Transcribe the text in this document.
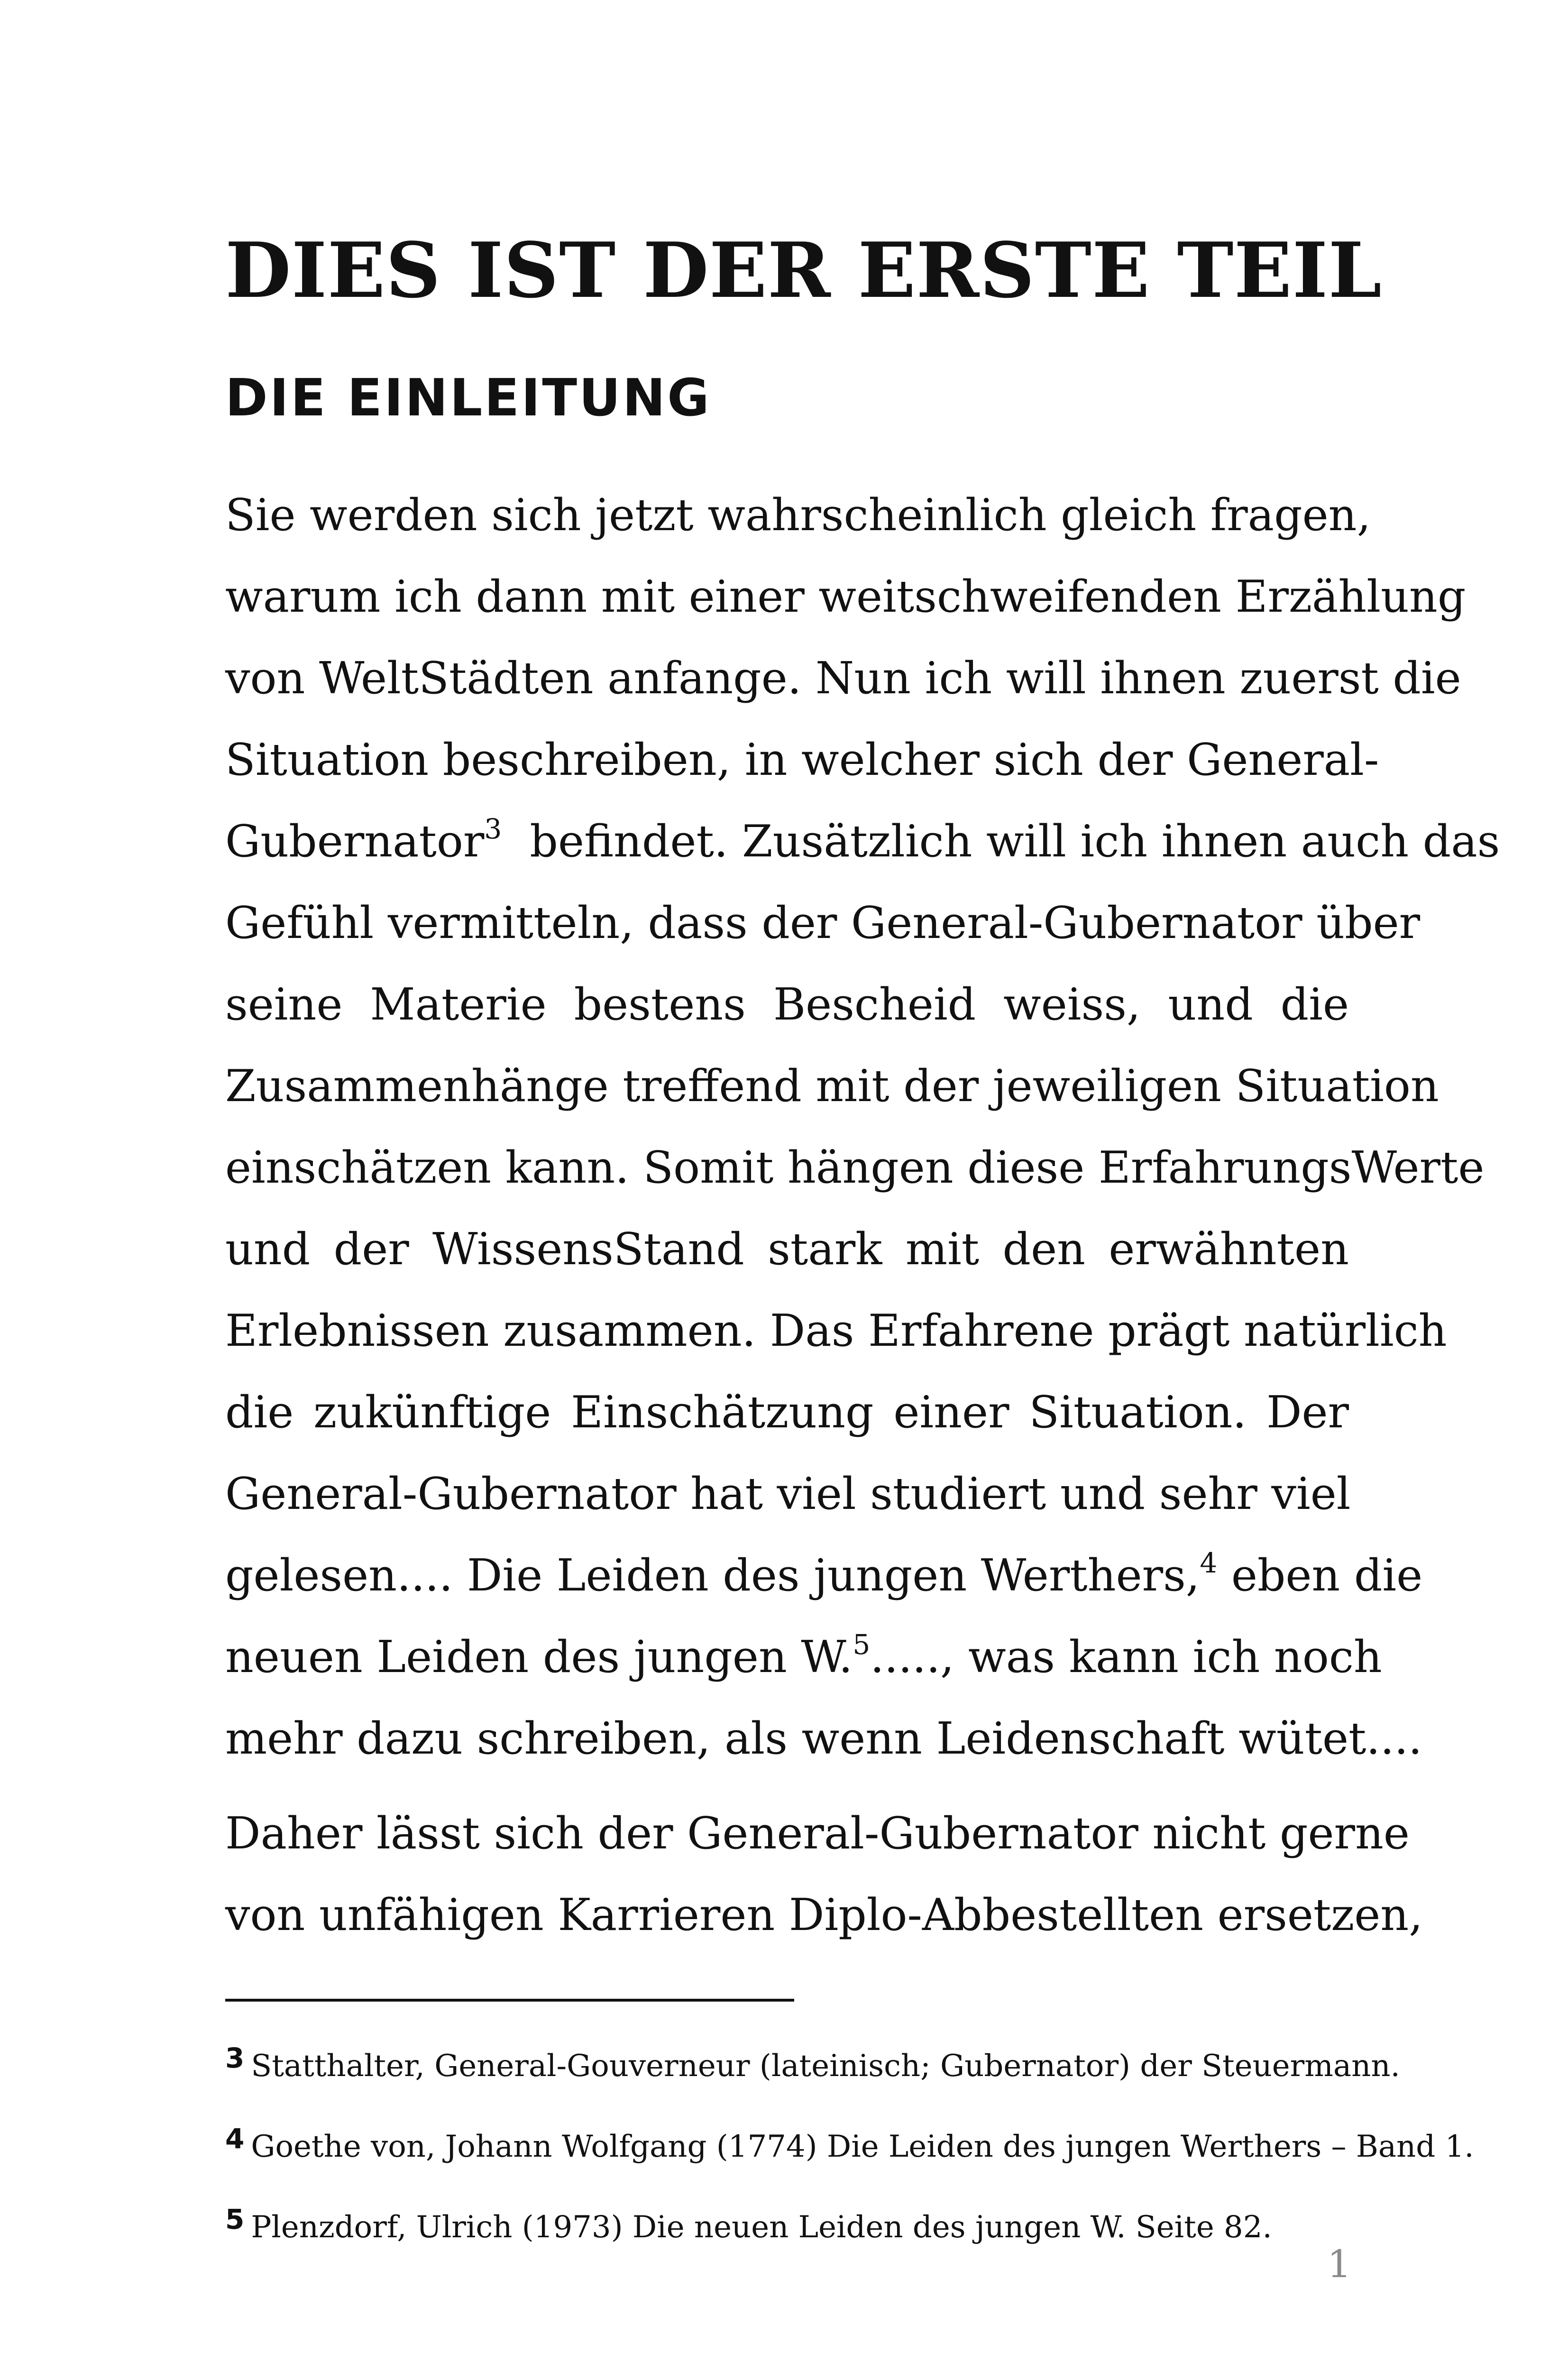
DIES IST DER ERSTE TEIL
DIE EINLEITUNG
Sie werden sich jetzt wahrscheinlich gleich fragen,
warum ich dann mit einer weitschweifenden Erzählung
von WeltStädten anfange. Nun ich will ihnen zuerst die
Situation beschreiben, in welcher sich der General-
Gubernator$^3$ befindet. Zusätzlich will ich ihnen auch das
Gefühl vermitteln, dass der General-Gubernator über
seine Materie bestens Bescheid weiss, und die
Zusammenhänge treffend mit der jeweiligen Situation
einschätzen kann. Somit hängen diese ErfahrungsWerte
und der WissensStand stark mit den erwähnten
Erlebnissen zusammen. Das Erfahrene prägt natürlich
die zukünftige Einschätzung einer Situation. Der
General-Gubernator hat viel studiert und sehr viel
gelesen.... Die Leiden des jungen Werthers,$^4$ eben die
neuen Leiden des jungen W.$^5$....., was kann ich noch
mehr dazu schreiben, als wenn Leidenschaft wütet....
Daher lässt sich der General-Gubernator nicht gerne
von unfähigen Karrieren Diplo-Abbestellten ersetzen,

3 Statthalter, General-Gouverneur (lateinisch; Gubernator) der Steuermann.

4 Goethe von, Johann Wolfgang (1774) Die Leiden des jungen Werthers – Band 1.

5 Plenzdorf, Ulrich (1973) Die neuen Leiden des jungen W. Seite 82.

1
